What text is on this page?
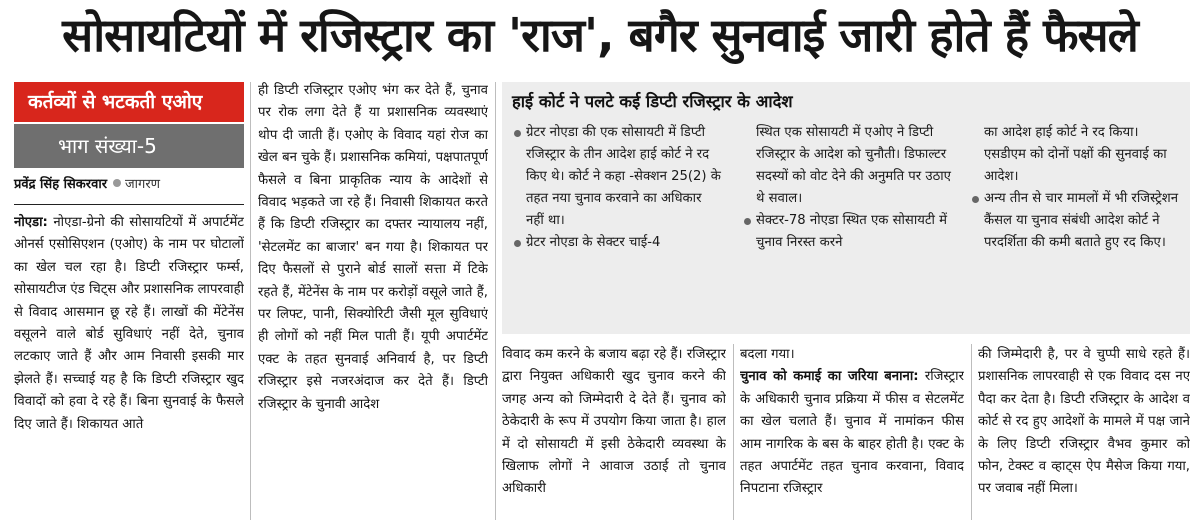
सोसायटियों में रजिस्ट्रार का 'राज', बगैर सुनवाई जारी होते हैं फैसले
कर्तव्यों से भटकती एओए
भाग संख्या-5
प्रवेंद्र सिंह सिकरवार जागरण
नोएडा: नोएडा-ग्रेनो की सोसायटियों में अपार्टमेंट ओनर्स एसोसिएशन (एओए) के नाम पर घोटालों का खेल चल रहा है। डिप्टी रजिस्ट्रार फर्म्स, सोसायटीज एंड चिट्स और प्रशासनिक लापरवाही से विवाद आसमान छू रहे हैं। लाखों की मेंटेनेंस वसूलने वाले बोर्ड सुविधाएं नहीं देते, चुनाव लटकाए जाते हैं और आम निवासी इसकी मार झेलते हैं। सच्चाई यह है कि डिप्टी रजिस्ट्रार खुद विवादों को हवा दे रहे हैं। बिना सुनवाई के फैसले दिए जाते हैं। शिकायत आते
ही डिप्टी रजिस्ट्रार एओए भंग कर देते हैं, चुनाव पर रोक लगा देते हैं या प्रशासनिक व्यवस्थाएं थोप दी जाती हैं। एओए के विवाद यहां रोज का खेल बन चुके हैं। प्रशासनिक कमियां, पक्षपातपूर्ण फैसले व बिना प्राकृतिक न्याय के आदेशों से विवाद भड़कते जा रहे हैं। निवासी शिकायत करते हैं कि डिप्टी रजिस्ट्रार का दफ्तर न्यायालय नहीं, 'सेटलमेंट का बाजार' बन गया है। शिकायत पर दिए फैसलों से पुराने बोर्ड सालों सत्ता में टिके रहते हैं, मेंटेनेंस के नाम पर करोड़ों वसूले जाते हैं, पर लिफ्ट, पानी, सिक्योरिटी जैसी मूल सुविधाएं ही लोगों को नहीं मिल पाती हैं। यूपी अपार्टमेंट एक्ट के तहत सुनवाई अनिवार्य है, पर डिप्टी रजिस्ट्रार इसे नजरअंदाज कर देते हैं। डिप्टी रजिस्ट्रार के चुनावी आदेश
हाई कोर्ट ने पलटे कई डिप्टी रजिस्ट्रार के आदेश
ग्रेटर नोएडा की एक सोसायटी में डिप्टी रजिस्ट्रार के तीन आदेश हाई कोर्ट ने रद किए थे। कोर्ट ने कहा -सेक्शन 25(2) के तहत नया चुनाव करवाने का अधिकार नहीं था।
ग्रेटर नोएडा के सेक्टर चाई-4
स्थित एक सोसायटी में एओए ने डिप्टी रजिस्ट्रार के आदेश को चुनौती। डिफाल्टर सदस्यों को वोट देने की अनुमति पर उठाए थे सवाल।
सेक्टर-78 नोएडा स्थित एक सोसायटी में चुनाव निरस्त करने
का आदेश हाई कोर्ट ने रद किया। एसडीएम को दोनों पक्षों की सुनवाई का आदेश।
अन्य तीन से चार मामलों में भी रजिस्ट्रेशन कैंसल या चुनाव संबंधी आदेश कोर्ट ने परदर्शिता की कमी बताते हुए रद किए।
विवाद कम करने के बजाय बढ़ा रहे हैं। रजिस्ट्रार द्वारा नियुक्त अधिकारी खुद चुनाव करने की जगह अन्य को जिम्मेदारी दे देते हैं। चुनाव को ठेकेदारी के रूप में उपयोग किया जाता है। हाल में दो सोसायटी में इसी ठेकेदारी व्यवस्था के खिलाफ लोगों ने आवाज उठाई तो चुनाव अधिकारी
बदला गया।
चुनाव को कमाई का जरिया बनाना: रजिस्ट्रार के अधिकारी चुनाव प्रक्रिया में फीस व सेटलमेंट का खेल चलाते हैं। चुनाव में नामांकन फीस आम नागरिक के बस के बाहर होती है। एक्ट के तहत अपार्टमेंट तहत चुनाव करवाना, विवाद निपटाना रजिस्ट्रार
की जिम्मेदारी है, पर वे चुप्पी साधे रहते हैं। प्रशासनिक लापरवाही से एक विवाद दस नए पैदा कर देता है। डिप्टी रजिस्ट्रार के आदेश व कोर्ट से रद हुए आदेशों के मामले में पक्ष जाने के लिए डिप्टी रजिस्ट्रार वैभव कुमार को फोन, टेक्स्ट व व्हाट्स ऐप मैसेज किया गया, पर जवाब नहीं मिला।
